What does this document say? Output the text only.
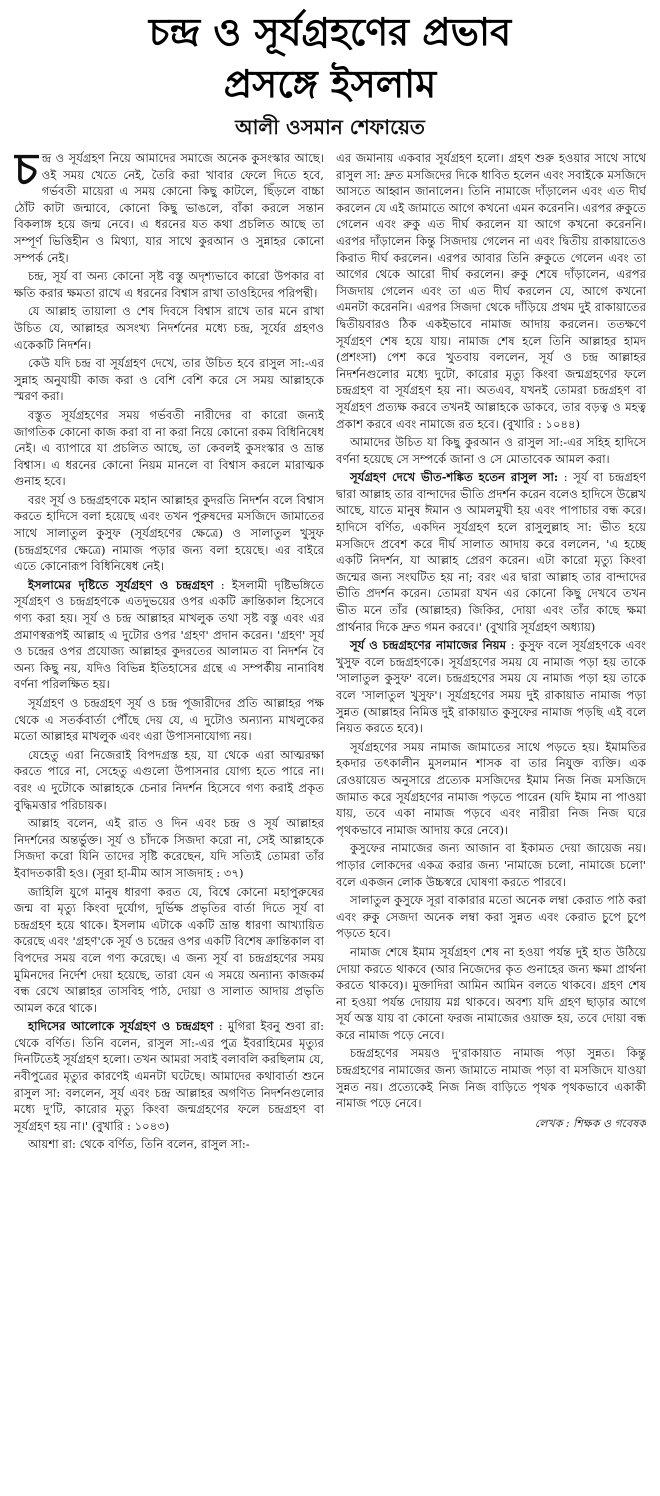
চন্দ্র ও সূর্যগ্রহণের প্রভাব
প্রসঙ্গে ইসলাম
আলী ওসমান শেফায়েত

চন্দ্র ও সূর্যগ্রহণ নিয়ে আমাদের সমাজে অনেক কুসংস্কার আছে। ওই সময় খেতে নেই, তৈরি করা খাবার ফেলে দিতে হবে, গর্ভবতী মায়েরা এ সময় কোনো কিছু কাটলে, ছিঁড়লে বাচ্চা ঠোঁট কাটা জন্মাবে, কোনো কিছু ভাঙলে, বাঁকা করলে সন্তান বিকলাঙ্গ হয়ে জন্ম নেবে। এ ধরনের যত কথা প্রচলিত আছে তা সম্পূর্ণ ভিত্তিহীন ও মিথ্যা, যার সাথে কুরআন ও সুন্নাহর কোনো সম্পর্ক নেই।

চন্দ্র, সূর্য বা অন্য কোনো সৃষ্ট বস্তু অদৃশ্যভাবে কারো উপকার বা ক্ষতি করার ক্ষমতা রাখে এ ধরনের বিশ্বাস রাখা তাওহিদের পরিপন্থী।

যে আল্লাহ তায়ালা ও শেষ দিবসে বিশ্বাস রাখে তার মনে রাখা উচিত যে, আল্লাহর অসংখ্য নিদর্শনের মধ্যে চন্দ্র, সূর্যের গ্রহণও একেকটি নিদর্শন।

কেউ যদি চন্দ্র বা সূর্যগ্রহণ দেখে, তার উচিত হবে রাসুল সা:-এর সুন্নাহ অনুযায়ী কাজ করা ও বেশি বেশি করে সে সময় আল্লাহকে স্মরণ করা।

বস্তুত সূর্যগ্রহণের সময় গর্ভবতী নারীদের বা কারো জন্যই জাগতিক কোনো কাজ করা বা না করা নিয়ে কোনো রকম বিধিনিষেধ নেই। এ ব্যাপারে যা প্রচলিত আছে, তা কেবলই কুসংস্কার ও ভ্রান্ত বিশ্বাস। এ ধরনের কোনো নিয়ম মানলে বা বিশ্বাস করলে মারাত্মক গুনাহ হবে।

বরং সূর্য ও চন্দ্রগ্রহণকে মহান আল্লাহর কুদরতি নিদর্শন বলে বিশ্বাস করতে হাদিসে বলা হয়েছে এবং তখন পুরুষদের মসজিদে জামাতের সাথে সালাতুল কুসুফ (সূর্যগ্রহণের ক্ষেত্রে) ও সালাতুল খুসুফ (চন্দ্রগ্রহণের ক্ষেত্রে) নামাজ পড়ার জন্য বলা হয়েছে। এর বাইরে এতে কোনোরূপ বিধিনিষেধ নেই।

ইসলামের দৃষ্টিতে সূর্যগ্রহণ ও চন্দ্রগ্রহণ : ইসলামী দৃষ্টিভঙ্গিতে সূর্যগ্রহণ ও চন্দ্রগ্রহণকে এতদুভয়ের ওপর একটি ক্রান্তিকাল হিসেবে গণ্য করা হয়। সূর্য ও চন্দ্র আল্লাহর মাখলুক তথা সৃষ্ট বস্তু এবং এর প্রমাণস্বরূপই আল্লাহ এ দুটোর ওপর 'গ্রহণ' প্রদান করেন। 'গ্রহণ' সূর্য ও চন্দ্রের ওপর প্রযোজ্য আল্লাহর কুদরতের আলামত বা নিদর্শন বৈ অন্য কিছু নয়, যদিও বিভিন্ন ইতিহাসের গ্রন্থে এ সম্পর্কীয় নানাবিধ বর্ণনা পরিলক্ষিত হয়।

সূর্যগ্রহণ ও চন্দ্রগ্রহণ সূর্য ও চন্দ্র পূজারীদের প্রতি আল্লাহর পক্ষ থেকে এ সতর্কবার্তা পৌঁছে দেয় যে, এ দুটোও অন্যান্য মাখলুকের মতো আল্লাহর মাখলুক এবং এরা উপাসনাযোগ্য নয়।

যেহেতু এরা নিজেরাই বিপদগ্রস্ত হয়, যা থেকে এরা আত্মরক্ষা করতে পারে না, সেহেতু এগুলো উপাসনার যোগ্য হতে পারে না। বরং এ দুটোকে আল্লাহকে চেনার নিদর্শন হিসেবে গণ্য করাই প্রকৃত বুদ্ধিমত্তার পরিচায়ক।

আল্লাহ বলেন, এই রাত ও দিন এবং চন্দ্র ও সূর্য আল্লাহর নিদর্শনের অন্তর্ভুক্ত। সূর্য ও চাঁদকে সিজদা করো না, সেই আল্লাহকে সিজদা করো যিনি তাদের সৃষ্টি করেছেন, যদি সত্যিই তোমরা তাঁর ইবাদতকারী হও। (সূরা হা-মীম আস সাজদাহ : ৩৭)

জাহিলি যুগে মানুষ ধারণা করত যে, বিশ্বে কোনো মহাপুরুষের জন্ম বা মৃত্যু কিংবা দুর্যোগ, দুর্ভিক্ষ প্রভৃতির বার্তা দিতে সূর্য বা চন্দ্রগ্রহণ হয়ে থাকে। ইসলাম এটাকে একটি ভ্রান্ত ধারণা আখ্যায়িত করেছে এবং 'গ্রহণ'কে সূর্য ও চন্দ্রের ওপর একটি বিশেষ ক্রান্তিকাল বা বিপদের সময় বলে গণ্য করেছে। এ জন্য সূর্য বা চন্দ্রগ্রহণের সময় মুমিনদের নির্দেশ দেয়া হয়েছে, তারা যেন এ সময়ে অন্যান্য কাজকর্ম বন্ধ রেখে আল্লাহর তাসবিহ পাঠ, দোয়া ও সালাত আদায় প্রভৃতি আমল করে থাকে।

হাদিসের আলোকে সূর্যগ্রহণ ও চন্দ্রগ্রহণ : মুগিরা ইবনু শুবা রা: থেকে বর্ণিত। তিনি বলেন, রাসুল সা:-এর পুত্র ইবরাহিমের মৃত্যুর দিনটিতেই সূর্যগ্রহণ হলো। তখন আমরা সবাই বলাবলি করছিলাম যে, নবীপুত্রের মৃত্যুর কারণেই এমনটা ঘটেছে। আমাদের কথাবার্তা শুনে রাসুল সা: বললেন, সূর্য এবং চন্দ্র আল্লাহর অগণিত নিদর্শনগুলোর মধ্যে দু'টি, কারোর মৃত্যু কিংবা জন্মগ্রহণের ফলে চন্দ্রগ্রহণ বা সূর্যগ্রহণ হয় না।' (বুখারি : ১০৪৩)

আয়শা রা: থেকে বর্ণিত, তিনি বলেন, রাসুল সা:-

এর জমানায় একবার সূর্যগ্রহণ হলো। গ্রহণ শুরু হওয়ার সাথে সাথে রাসুল সা: দ্রুত মসজিদের দিকে ধাবিত হলেন এবং সবাইকে মসজিদে আসতে আহ্বান জানালেন। তিনি নামাজে দাঁড়ালেন এবং এত দীর্ঘ করলেন যে এই জামাতে আগে কখনো এমন করেননি। এরপর রুকুতে গেলেন এবং রুকু এত দীর্ঘ করলেন যা আগে কখনো করেননি। এরপর দাঁড়ালেন কিন্তু সিজদায় গেলেন না এবং দ্বিতীয় রাকায়াতেও কিরাত দীর্ঘ করলেন। এরপর আবার তিনি রুকুতে গেলেন এবং তা আগের থেকে আরো দীর্ঘ করলেন। রুকু শেষে দাঁড়ালেন, এরপর সিজদায় গেলেন এবং তা এত দীর্ঘ করলেন যে, আগে কখনো এমনটা করেননি। এরপর সিজদা থেকে দাঁড়িয়ে প্রথম দুই রাকায়াতের দ্বিতীয়বারও ঠিক একইভাবে নামাজ আদায় করলেন। ততক্ষণে সূর্যগ্রহণ শেষ হয়ে যায়। নামাজ শেষ হলে তিনি আল্লাহর হামদ (প্রশংসা) পেশ করে খুতবায় বললেন, সূর্য ও চন্দ্র আল্লাহর নিদর্শনগুলোর মধ্যে দুটো, কারোর মৃত্যু কিংবা জন্মগ্রহণের ফলে চন্দ্রগ্রহণ বা সূর্যগ্রহণ হয় না। অতএব, যখনই তোমরা চন্দ্রগ্রহণ বা সূর্যগ্রহণ প্রত্যক্ষ করবে তখনই আল্লাহকে ডাকবে, তার বড়ত্ব ও মহত্ব প্রকাশ করবে এবং নামাজে রত হবে। (বুখারি : ১০৪৪)

আমাদের উচিত যা কিছু কুরআন ও রাসুল সা:-এর সহিহ হাদিসে বর্ণনা হয়েছে সে সম্পর্কে জানা ও সে মোতাবেক আমল করা।

সূর্যগ্রহণ দেখে ভীত-শঙ্কিত হতেন রাসুল সা: : সূর্য বা চন্দ্রগ্রহণ দ্বারা আল্লাহ তার বান্দাদের ভীতি প্রদর্শন করেন বলেও হাদিসে উল্লেখ আছে, যাতে মানুষ ঈমান ও আমলমুখী হয় এবং পাপাচার বন্ধ করে। হাদিসে বর্ণিত, একদিন সূর্যগ্রহণ হলে রাসুলুল্লাহ সা: ভীত হয়ে মসজিদে প্রবেশ করে দীর্ঘ সালাত আদায় করে বললেন, 'এ হচ্ছে একটি নিদর্শন, যা আল্লাহ প্রেরণ করেন। এটা কারো মৃত্যু কিংবা জন্মের জন্য সংঘটিত হয় না; বরং এর দ্বারা আল্লাহ তার বান্দাদের ভীতি প্রদর্শন করেন। তোমরা যখন এর কোনো কিছু দেখবে তখন ভীত মনে তাঁর (আল্লাহর) জিকির, দোয়া এবং তাঁর কাছে ক্ষমা প্রার্থনার দিকে দ্রুত গমন করবে।' (বুখারি সূর্যগ্রহণ অধ্যায়)

সূর্য ও চন্দ্রগ্রহণের নামাজের নিয়ম : কুসুফ বলে সূর্যগ্রহণকে এবং খুসুফ বলে চন্দ্রগ্রহণকে। সূর্যগ্রহণের সময় যে নামাজ পড়া হয় তাকে 'সালাতুল কুসুফ' বলে। চন্দ্রগ্রহণের সময় যে নামাজ পড়া হয় তাকে বলে 'সালাতুল খুসুফ'। সূর্যগ্রহণের সময় দুই রাকায়াত নামাজ পড়া সুন্নত (আল্লাহর নিমিত্ত দুই রাকায়াত কুসুফের নামাজ পড়ছি এই বলে নিয়ত করতে হবে)।

সূর্যগ্রহণের সময় নামাজ জামাতের সাথে পড়তে হয়। ইমামতির হকদার তৎকালীন মুসলমান শাসক বা তার নিযুক্ত ব্যক্তি। এক রেওয়ায়েত অনুসারে প্রত্যেক মসজিদের ইমাম নিজ নিজ মসজিদে জামাত করে সূর্যগ্রহণের নামাজ পড়তে পারেন (যদি ইমাম না পাওয়া যায়, তবে একা নামাজ পড়বে এবং নারীরা নিজ নিজ ঘরে পৃথকভাবে নামাজ আদায় করে নেবে)।

কুসুফের নামাজের জন্য আজান বা ইকামত দেয়া জায়েজ নয়। পাড়ার লোকদের একত্র করার জন্য 'নামাজে চলো, নামাজে চলো' বলে একজন লোক উচ্চস্বরে ঘোষণা করতে পারবে।

সালাতুল কুসুফে সূরা বাকারার মতো অনেক লম্বা কেরাত পাঠ করা এবং রুকু সেজদা অনেক লম্বা করা সুন্নত এবং কেরাত চুপে চুপে পড়তে হবে।

নামাজ শেষে ইমাম সূর্যগ্রহণ শেষ না হওয়া পর্যন্ত দুই হাত উঠিয়ে দোয়া করতে থাকবে (আর নিজেদের কৃত গুনাহের জন্য ক্ষমা প্রার্থনা করতে থাকবে)। মুক্তাদিরা আমিন আমিন বলতে থাকবে। গ্রহণ শেষ না হওয়া পর্যন্ত দোয়ায় মগ্ন থাকবে। অবশ্য যদি গ্রহণ ছাড়ার আগে সূর্য অস্ত যায় বা কোনো ফরজ নামাজের ওয়াক্ত হয়, তবে দোয়া বন্ধ করে নামাজ পড়ে নেবে।

চন্দ্রগ্রহণের সময়ও দু'রাকায়াত নামাজ পড়া সুন্নত। কিন্তু চন্দ্রগ্রহণের নামাজের জন্য জামাতে নামাজ পড়া বা মসজিদে যাওয়া সুন্নত নয়। প্রত্যেকেই নিজ নিজ বাড়িতে পৃথক পৃথকভাবে একাকী নামাজ পড়ে নেবে।

লেখক : শিক্ষক ও গবেষক
